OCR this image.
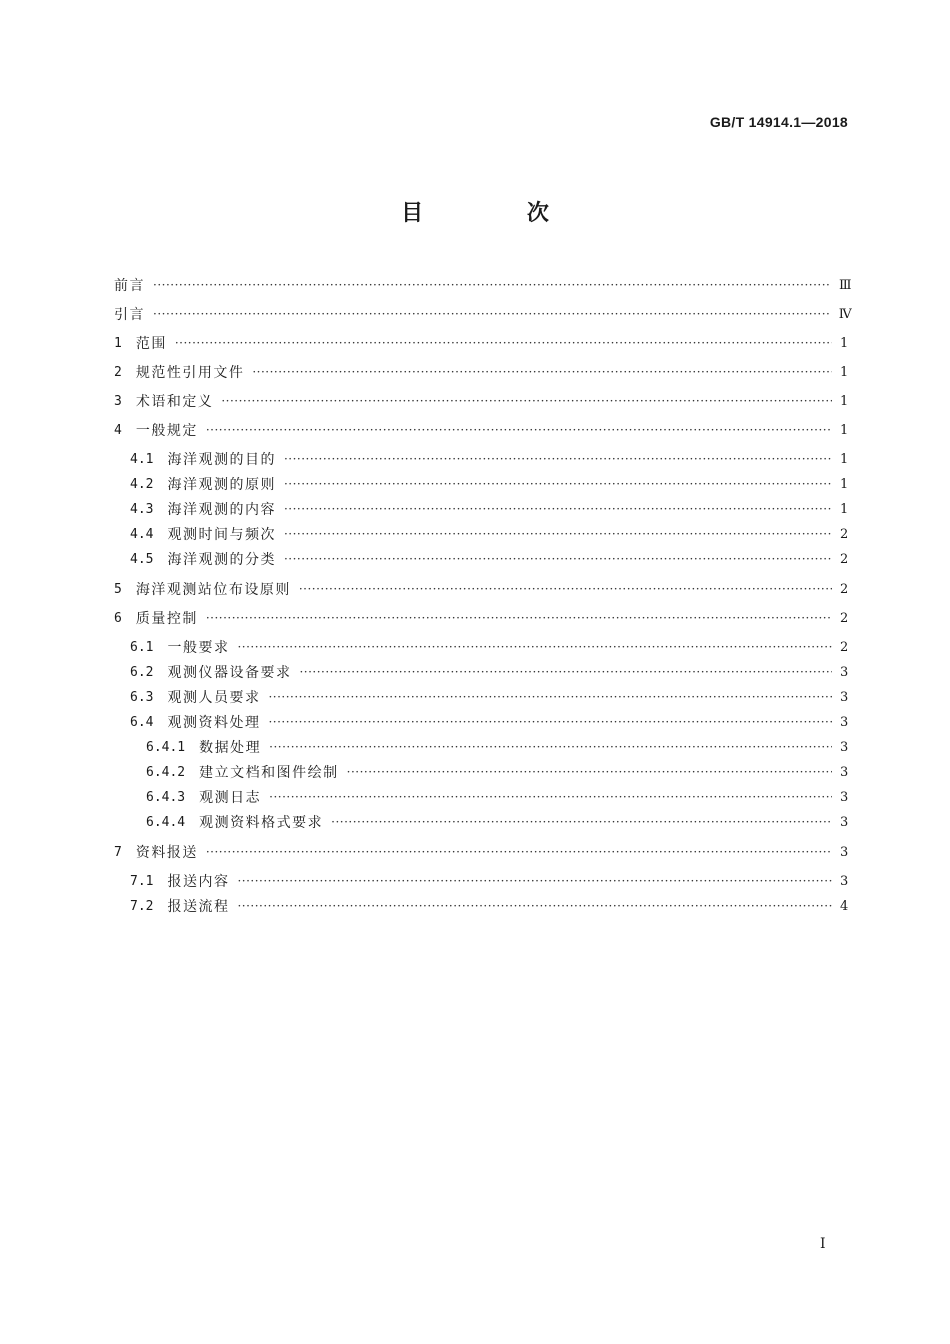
GB/T 14914.1—2018
目 次
前言 ·····	Ⅲ
引言 ·····	Ⅳ
1 范围 ·····	1
2 规范性引用文件 ·····	1
3 术语和定义 ·····	1
4 一般规定 ·····	1
4.1 海洋观测的目的 ·····	1
4.2 海洋观测的原则 ·····	1
4.3 海洋观测的内容 ·····	1
4.4 观测时间与频次 ·····	2
4.5 海洋观测的分类 ·····	2
5 海洋观测站位布设原则 ·····	2
6 质量控制 ·····	2
6.1 一般要求 ·····	2
6.2 观测仪器设备要求 ·····	3
6.3 观测人员要求 ·····	3
6.4 观测资料处理 ·····	3
6.4.1 数据处理 ·····	3
6.4.2 建立文档和图件绘制 ·····	3
6.4.3 观测日志 ·····	3
6.4.4 观测资料格式要求 ·····	3
7 资料报送 ·····	3
7.1 报送内容 ·····	3
7.2 报送流程 ·····	4
I
